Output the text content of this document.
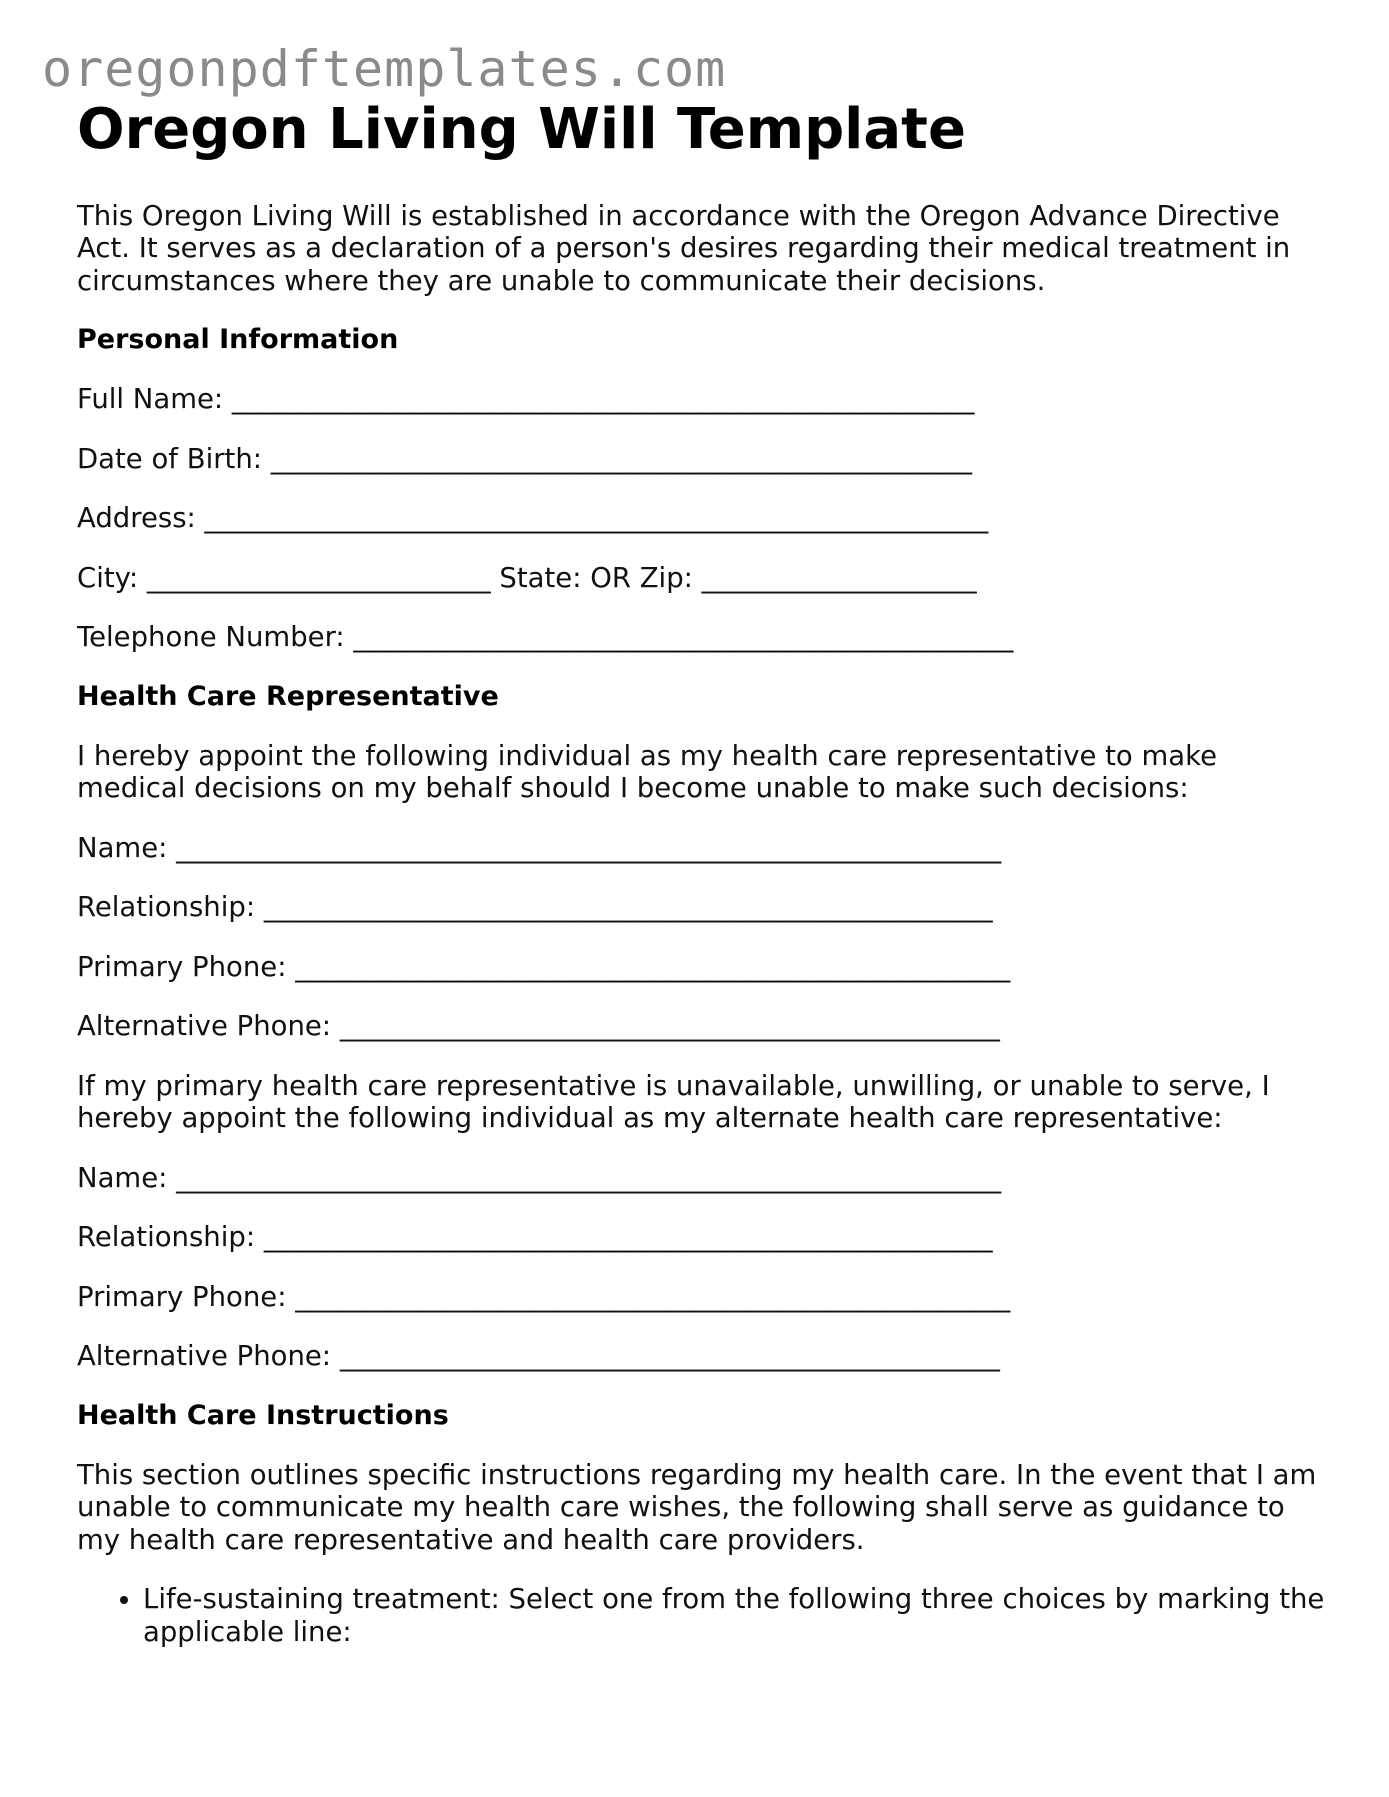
oregonpdftemplates.com
Oregon Living Will Template

This Oregon Living Will is established in accordance with the Oregon Advance Directive Act. It serves as a declaration of a person's desires regarding their medical treatment in circumstances where they are unable to communicate their decisions.

Personal Information
Full Name: ______________________________________________________
Date of Birth: ___________________________________________________
Address: _________________________________________________________
City: _________________________ State: OR Zip: ____________________
Telephone Number: ________________________________________________
Health Care Representative

I hereby appoint the following individual as my health care representative to make medical decisions on my behalf should I become unable to make such decisions:

Name: ____________________________________________________________
Relationship: _____________________________________________________
Primary Phone: ____________________________________________________
Alternative Phone: ________________________________________________

If my primary health care representative is unavailable, unwilling, or unable to serve, I hereby appoint the following individual as my alternate health care representative:

Name: ____________________________________________________________
Relationship: _____________________________________________________
Primary Phone: ____________________________________________________
Alternative Phone: ________________________________________________
Health Care Instructions

This section outlines specific instructions regarding my health care. In the event that I am unable to communicate my health care wishes, the following shall serve as guidance to my health care representative and health care providers.

• Life-sustaining treatment: Select one from the following three choices by marking the applicable line:
